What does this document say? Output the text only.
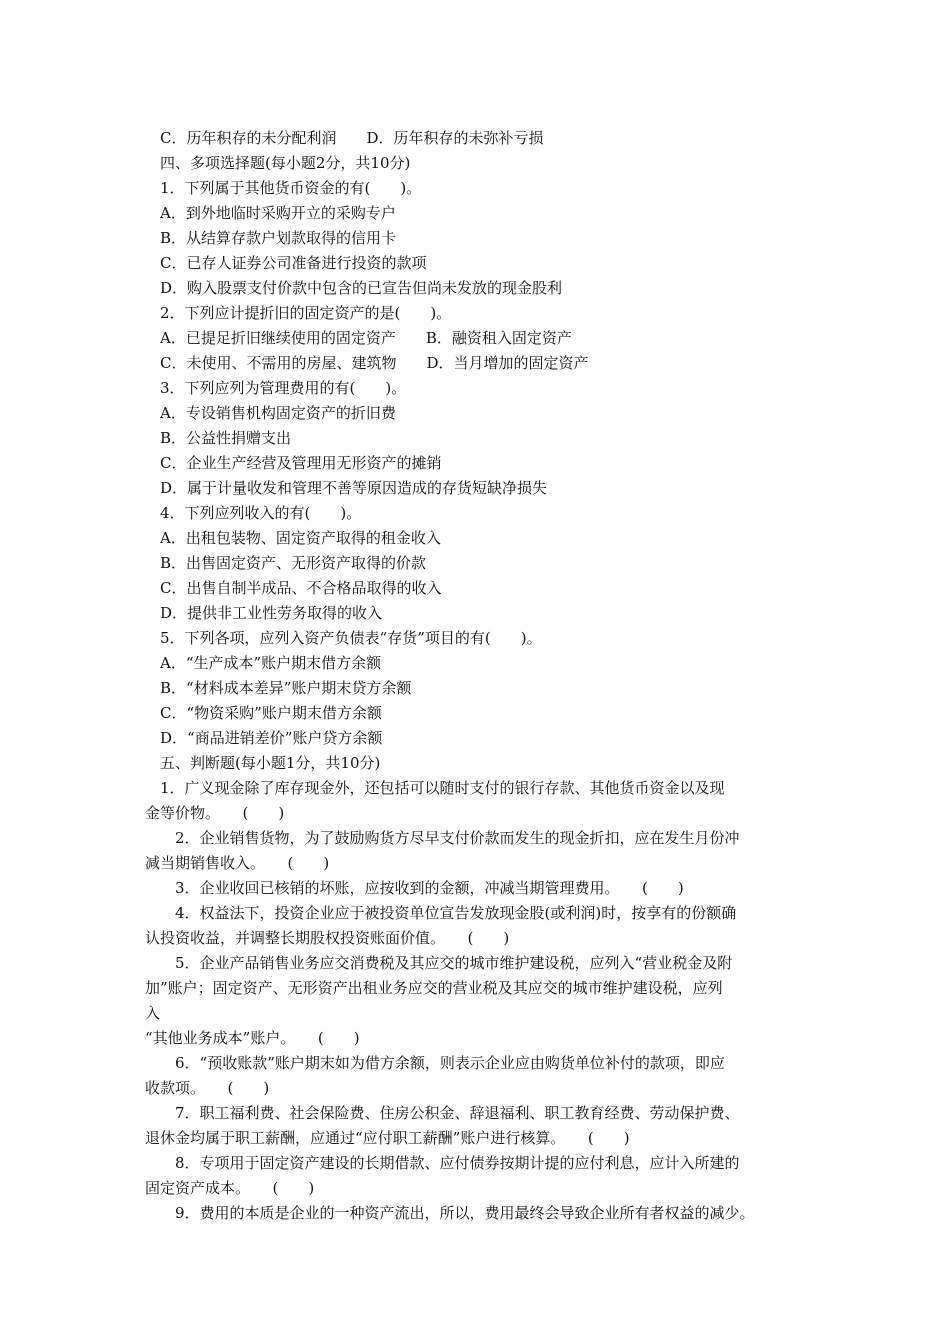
C．历年积存的未分配利润　　D．历年积存的未弥补亏损
四、多项选择题(每小题2分，共10分)
1．下列属于其他货币资金的有(　　)。
A．到外地临时采购开立的采购专户
B．从结算存款户划款取得的信用卡
C．已存人证券公司准备进行投资的款项
D．购入股票支付价款中包含的已宣告但尚未发放的现金股利
2．下列应计提折旧的固定资产的是(　　)。
A．已提足折旧继续使用的固定资产　　B．融资租入固定资产
C．未使用、不需用的房屋、建筑物　　D．当月增加的固定资产
3．下列应列为管理费用的有(　　)。
A．专设销售机构固定资产的折旧费
B．公益性捐赠支出
C．企业生产经营及管理用无形资产的摊销
D．属于计量收发和管理不善等原因造成的存货短缺净损失
4．下列应列收入的有(　　)。
A．出租包装物、固定资产取得的租金收入
B．出售固定资产、无形资产取得的价款
C．出售自制半成品、不合格品取得的收入
D．提供非工业性劳务取得的收入
5．下列各项，应列入资产负债表“存货”项目的有(　　)。
A．“生产成本”账户期末借方余额
B．“材料成本差异”账户期末贷方余额
C．“物资采购”账户期末借方余额
D．“商品进销差价”账户贷方余额
五、判断题(每小题1分，共10分)
1．广义现金除了库存现金外，还包括可以随时支付的银行存款、其他货币资金以及现
金等价物。　　(　　)
2．企业销售货物，为了鼓励购货方尽早支付价款而发生的现金折扣，应在发生月份冲
减当期销售收入。　　(　　)
3．企业收回已核销的坏账，应按收到的金额，冲减当期管理费用。　　(　　)
4．权益法下，投资企业应于被投资单位宣告发放现金股(或利润)时，按享有的份额确
认投资收益，并调整长期股权投资账面价值。　　(　　)
5．企业产品销售业务应交消费税及其应交的城市维护建设税，应列入“营业税金及附
加”账户；固定资产、无形资产出租业务应交的营业税及其应交的城市维护建设税，应列
入
“其他业务成本”账户。　　(　　)
6．“预收账款”账户期末如为借方余额，则表示企业应由购货单位补付的款项，即应
收款项。　　(　　)
7．职工福利费、社会保险费、住房公积金、辞退福利、职工教育经费、劳动保护费、
退休金均属于职工薪酬，应通过“应付职工薪酬”账户进行核算。　　(　　)
8．专项用于固定资产建设的长期借款、应付债券按期计提的应付利息，应计入所建的
固定资产成本。　　(　　)
9．费用的本质是企业的一种资产流出，所以，费用最终会导致企业所有者权益的减少。
